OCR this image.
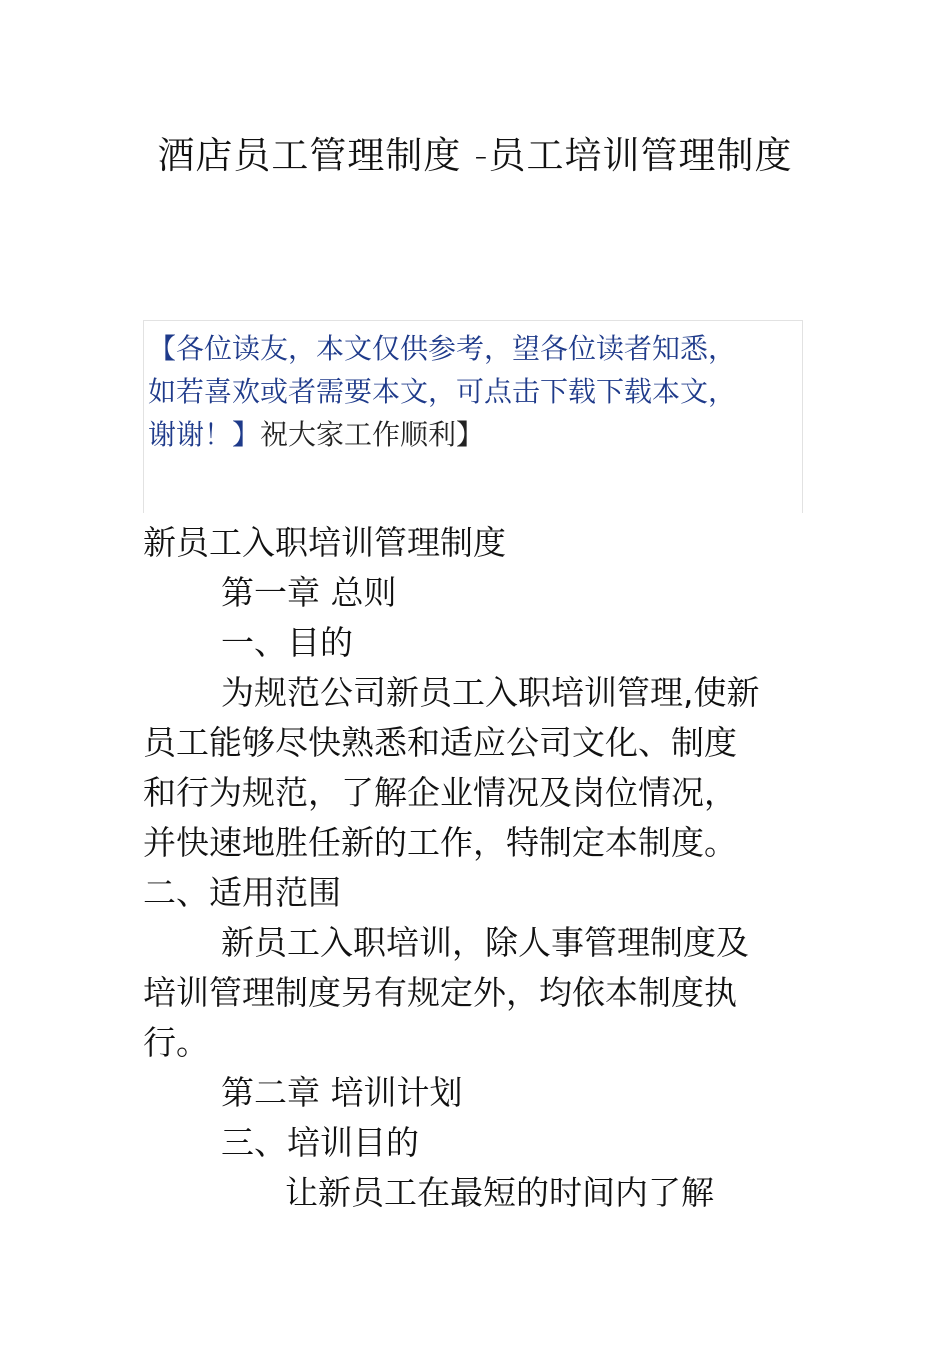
酒店员工管理制度 -员工培训管理制度
【各位读友，本文仅供参考，望各位读者知悉，如若喜欢或者需要本文，可点击下载下载本文，谢谢！】祝大家工作顺利】

新员工入职培训管理制度

第一章 总则

一、目的

为规范公司新员工入职培训管理,使新员工能够尽快熟悉和适应公司文化、制度和行为规范，了解企业情况及岗位情况，并快速地胜任新的工作，特制定本制度。 二、适用范围

新员工入职培训，除人事管理制度及培训管理制度另有规定外，均依本制度执行。

第二章 培训计划

三、培训目的

让新员工在最短的时间内了解
